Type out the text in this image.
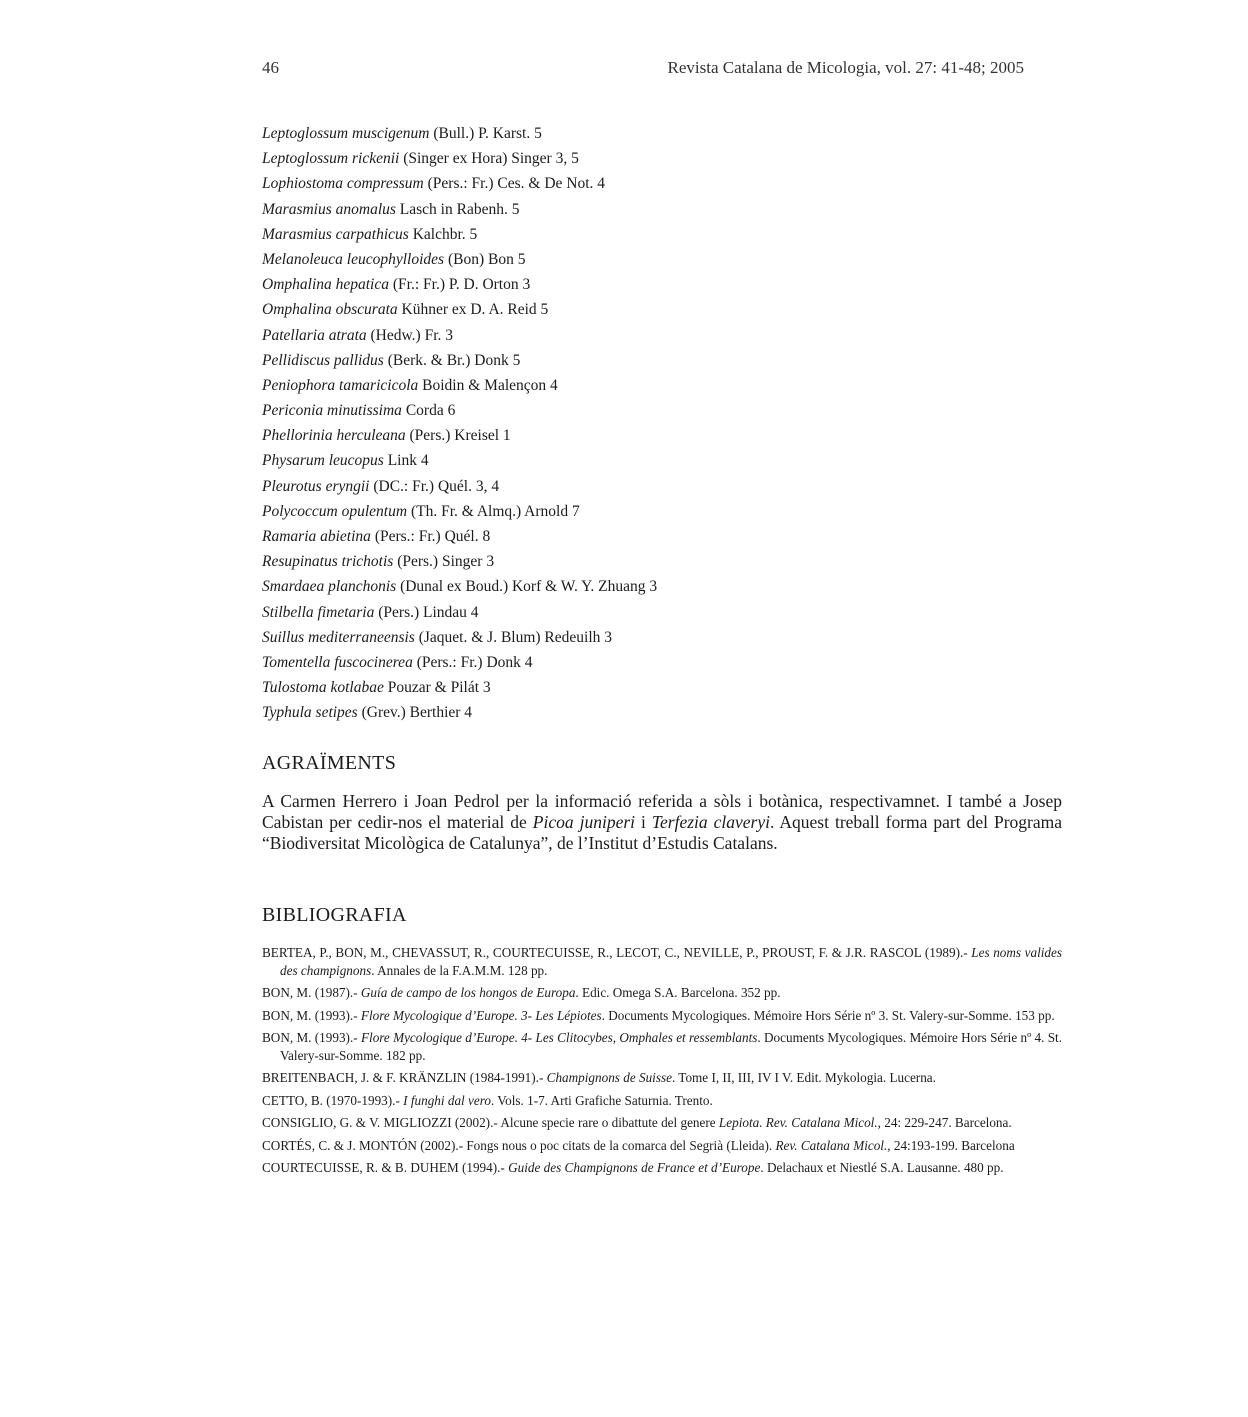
46	Revista Catalana de Micologia, vol. 27: 41-48; 2005
Leptoglossum muscigenum (Bull.) P. Karst. 5
Leptoglossum rickenii (Singer ex Hora) Singer 3, 5
Lophiostoma compressum (Pers.: Fr.) Ces. & De Not. 4
Marasmius anomalus Lasch in Rabenh. 5
Marasmius carpathicus Kalchbr. 5
Melanoleuca leucophylloides (Bon) Bon 5
Omphalina hepatica (Fr.: Fr.) P. D. Orton 3
Omphalina obscurata Kühner ex D. A. Reid 5
Patellaria atrata (Hedw.) Fr. 3
Pellidiscus pallidus (Berk. & Br.) Donk 5
Peniophora tamaricicola Boidin & Malençon 4
Periconia minutissima Corda 6
Phellorinia herculeana (Pers.) Kreisel 1
Physarum leucopus Link 4
Pleurotus eryngii (DC.: Fr.) Quél. 3, 4
Polycoccum opulentum (Th. Fr. & Almq.) Arnold 7
Ramaria abietina (Pers.: Fr.) Quél. 8
Resupinatus trichotis (Pers.) Singer 3
Smardaea planchonis (Dunal ex Boud.) Korf & W. Y. Zhuang 3
Stilbella fimetaria (Pers.) Lindau 4
Suillus mediterraneensis (Jaquet. & J. Blum) Redeuilh 3
Tomentella fuscocinerea (Pers.: Fr.) Donk 4
Tulostoma kotlabae Pouzar & Pilát 3
Typhula setipes (Grev.) Berthier 4
AGRAÏMENTS

A Carmen Herrero i Joan Pedrol per la informació referida a sòls i botànica, respectivamnet. I també a Josep Cabistan per cedir-nos el material de Picoa juniperi i Terfezia claveryi. Aquest treball forma part del Programa “Biodiversitat Micològica de Catalunya”, de l’Institut d’Estudis Catalans.

BIBLIOGRAFIA
BERTEA, P., BON, M., CHEVASSUT, R., COURTECUISSE, R., LECOT, C., NEVILLE, P., PROUST, F. & J.R. RASCOL (1989).- Les noms valides des champignons. Annales de la F.A.M.M. 128 pp.
BON, M. (1987).- Guía de campo de los hongos de Europa. Edic. Omega S.A. Barcelona. 352 pp.
BON, M. (1993).- Flore Mycologique d’Europe. 3- Les Lépiotes. Documents Mycologiques. Mémoire Hors Série nº 3. St. Valery-sur-Somme. 153 pp.
BON, M. (1993).- Flore Mycologique d’Europe. 4- Les Clitocybes, Omphales et ressemblants. Documents Mycologiques. Mémoire Hors Série nº 4. St. Valery-sur-Somme. 182 pp.
BREITENBACH, J. & F. KRÄNZLIN (1984-1991).- Champignons de Suisse. Tome I, II, III, IV I V. Edit. Mykologia. Lucerna.
CETTO, B. (1970-1993).- I funghi dal vero. Vols. 1-7. Arti Grafiche Saturnia. Trento.
CONSIGLIO, G. & V. MIGLIOZZI (2002).- Alcune specie rare o dibattute del genere Lepiota. Rev. Catalana Micol., 24: 229-247. Barcelona.
CORTÉS, C. & J. MONTÓN (2002).- Fongs nous o poc citats de la comarca del Segrià (Lleida). Rev. Catalana Micol., 24:193-199. Barcelona
COURTECUISSE, R. & B. DUHEM (1994).- Guide des Champignons de France et d’Europe. Delachaux et Niestlé S.A. Lausanne. 480 pp.
